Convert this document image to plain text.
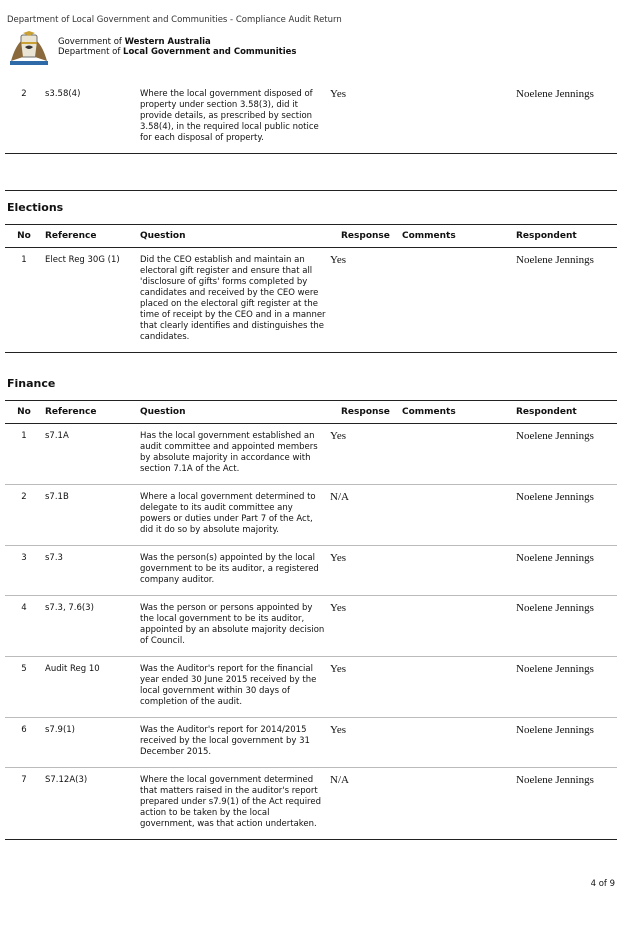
Department of Local Government and Communities - Compliance Audit Return
Government of Western Australia
Department of Local Government and Communities
2	s3.58(4)	Where the local government disposed of property under section 3.58(3), did it provide details, as prescribed by section 3.58(4), in the required local public notice for each disposal of property.	Yes		Noelene Jennings
Elections
No	Reference	Question	Response	Comments	Respondent
1	Elect Reg 30G (1)	Did the CEO establish and maintain an electoral gift register and ensure that all 'disclosure of gifts' forms completed by candidates and received by the CEO were placed on the electoral gift register at the time of receipt by the CEO and in a manner that clearly identifies and distinguishes the candidates.	Yes		Noelene Jennings
Finance
No	Reference	Question	Response	Comments	Respondent
1	s7.1A	Has the local government established an audit committee and appointed members by absolute majority in accordance with section 7.1A of the Act.	Yes		Noelene Jennings
2	s7.1B	Where a local government determined to delegate to its audit committee any powers or duties under Part 7 of the Act, did it do so by absolute majority.	N/A		Noelene Jennings
3	s7.3	Was the person(s) appointed by the local government to be its auditor, a registered company auditor.	Yes		Noelene Jennings
4	s7.3, 7.6(3)	Was the person or persons appointed by the local government to be its auditor, appointed by an absolute majority decision of Council.	Yes		Noelene Jennings
5	Audit Reg 10	Was the Auditor's report for the financial year ended 30 June 2015 received by the local government within 30 days of completion of the audit.	Yes		Noelene Jennings
6	s7.9(1)	Was the Auditor's report for 2014/2015 received by the local government by 31 December 2015.	Yes		Noelene Jennings
7	S7.12A(3)	Where the local government determined that matters raised in the auditor's report prepared under s7.9(1) of the Act required action to be taken by the local government, was that action undertaken.	N/A		Noelene Jennings
4 of 9
